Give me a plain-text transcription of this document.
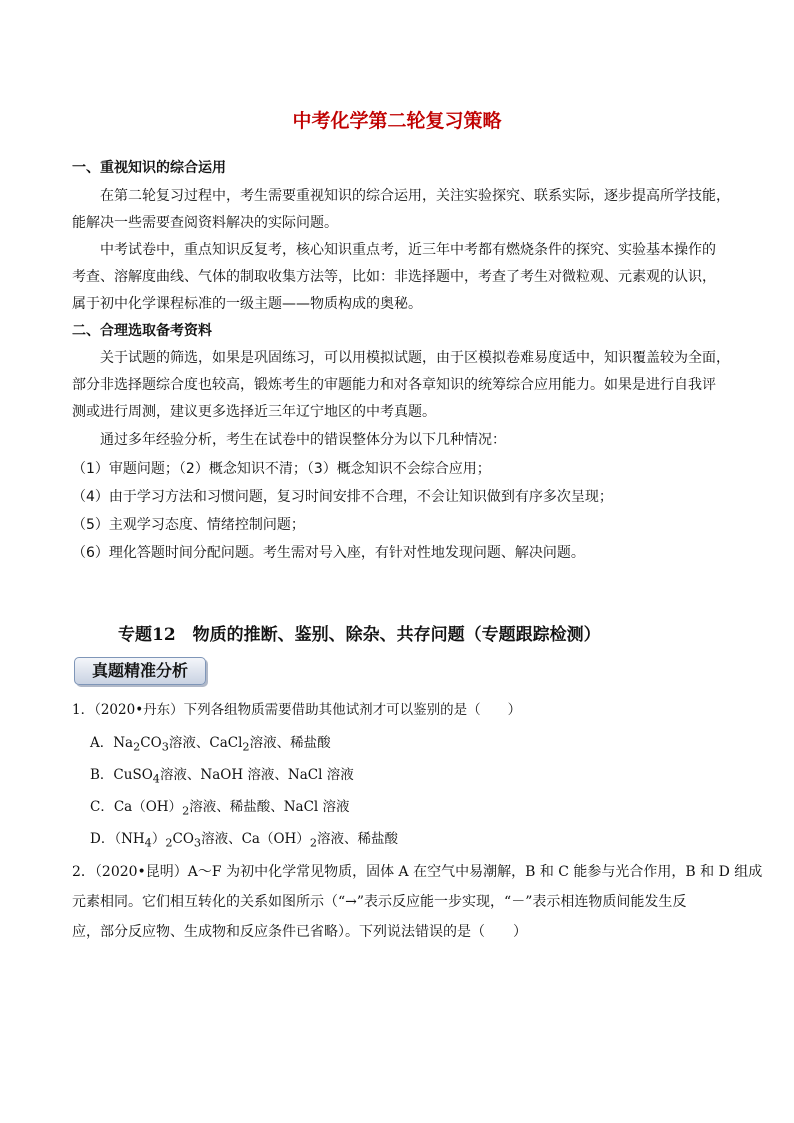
中考化学第二轮复习策略
一、重视知识的综合运用
在第二轮复习过程中，考生需要重视知识的综合运用，关注实验探究、联系实际，逐步提高所学技能，
能解决一些需要查阅资料解决的实际问题。
中考试卷中，重点知识反复考，核心知识重点考，近三年中考都有燃烧条件的探究、实验基本操作的
考查、溶解度曲线、气体的制取收集方法等，比如：非选择题中，考查了考生对微粒观、元素观的认识，
属于初中化学课程标准的一级主题——物质构成的奥秘。
二、合理选取备考资料
关于试题的筛选，如果是巩固练习，可以用模拟试题，由于区模拟卷难易度适中，知识覆盖较为全面，
部分非选择题综合度也较高，锻炼考生的审题能力和对各章知识的统筹综合应用能力。如果是进行自我评
测或进行周测，建议更多选择近三年辽宁地区的中考真题。
通过多年经验分析，考生在试卷中的错误整体分为以下几种情况：
（1）审题问题；（2）概念知识不清；（3）概念知识不会综合应用；
（4）由于学习方法和习惯问题，复习时间安排不合理，不会让知识做到有序多次呈现；
（5）主观学习态度、情绪控制问题；
（6）理化答题时间分配问题。考生需对号入座，有针对性地发现问题、解决问题。
专题12　物质的推断、鉴别、除杂、共存问题（专题跟踪检测）
真题精准分析
1．（2020•丹东）下列各组物质需要借助其他试剂才可以鉴别的是（　　）
A．$Na_2CO_3$溶液、CaCl$_2$溶液、稀盐酸
B．CuSO$_4$溶液、NaOH 溶液、NaCl 溶液
C．$Ca(OH)_2$溶液、稀盐酸、NaCl 溶液
D．$(NH_4)_2CO_3$溶液、$Ca(OH)_2$溶液、稀盐酸
2．（2020•昆明）A～F 为初中化学常见物质，固体 A 在空气中易潮解，B 和 C 能参与光合作用，B 和 D 组成
元素相同。它们相互转化的关系如图所示（“→”表示反应能一步实现，“－”表示相连物质间能发生反
应，部分反应物、生成物和反应条件已省略）。下列说法错误的是（　　）
